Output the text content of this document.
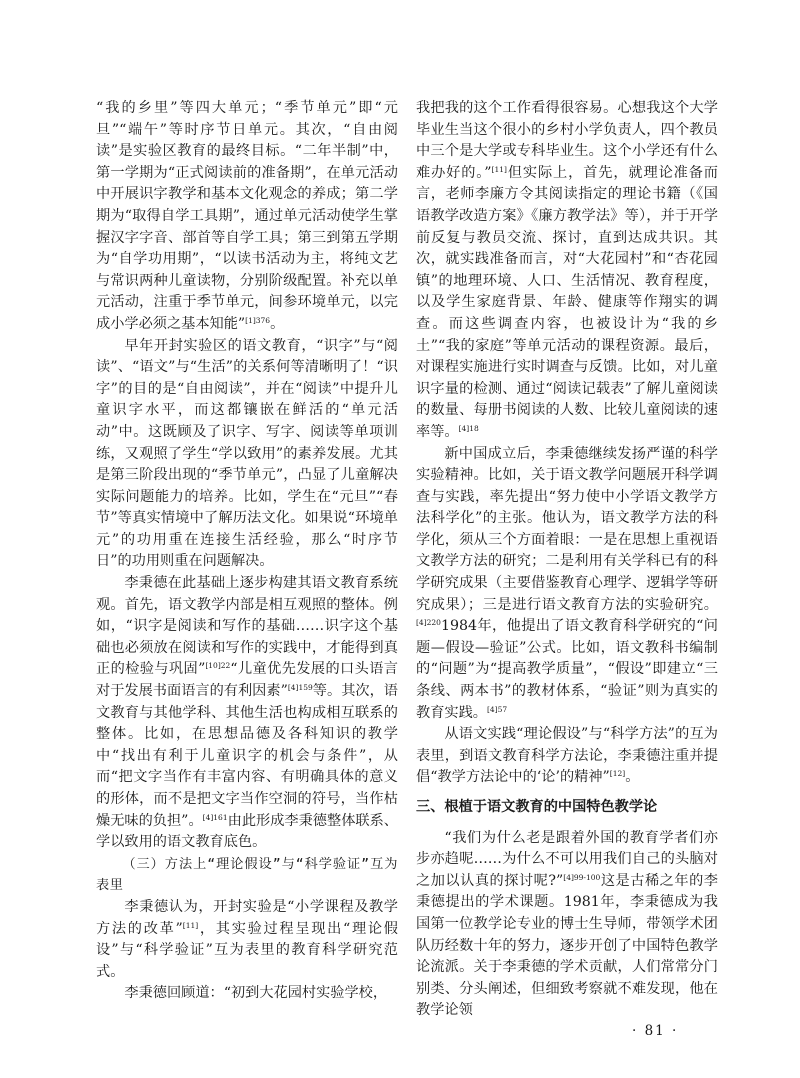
“我的乡里”等四大单元；“季节单元”即“元旦”“端午”等时序节日单元。其次，“自由阅读”是实验区教育的最终目标。“二年半制”中，第一学期为“正式阅读前的准备期”，在单元活动中开展识字教学和基本文化观念的养成；第二学期为“取得自学工具期”，通过单元活动使学生掌握汉字字音、部首等自学工具；第三到第五学期为“自学功用期”，“以读书活动为主，将纯文艺与常识两种儿童读物，分别阶级配置。补充以单元活动，注重于季节单元，间参环境单元，以完成小学必须之基本知能”$^{[1]376}$。

早年开封实验区的语文教育，“识字”与“阅读”、“语文”与“生活”的关系何等清晰明了！“识字”的目的是“自由阅读”，并在“阅读”中提升儿童识字水平，而这都镶嵌在鲜活的“单元活动”中。这既顾及了识字、写字、阅读等单项训练，又观照了学生“学以致用”的素养发展。尤其是第三阶段出现的“季节单元”，凸显了儿童解决实际问题能力的培养。比如，学生在“元旦”“春节”等真实情境中了解历法文化。如果说“环境单元”的功用重在连接生活经验，那么“时序节日”的功用则重在问题解决。

李秉德在此基础上逐步构建其语文教育系统观。首先，语文教学内部是相互观照的整体。例如，“识字是阅读和写作的基础……识字这个基础也必须放在阅读和写作的实践中，才能得到真正的检验与巩固”$^{[10]22}$“儿童优先发展的口头语言对于发展书面语言的有利因素”$^{[4]159}$等。其次，语文教育与其他学科、其他生活也构成相互联系的整体。比如，在思想品德及各科知识的教学中“找出有利于儿童识字的机会与条件”，从而“把文字当作有丰富内容、有明确具体的意义的形体，而不是把文字当作空洞的符号，当作枯燥无味的负担”。$^{[4]161}$由此形成李秉德整体联系、学以致用的语文教育底色。

（三）方法上“理论假设”与“科学验证”互为表里

李秉德认为，开封实验是“小学课程及教学方法的改革”[11]，其实验过程呈现出“理论假设”与“科学验证”互为表里的教育科学研究范式。

李秉德回顾道：“初到大花园村实验学校，

我把我的这个工作看得很容易。心想我这个大学毕业生当这个很小的乡村小学负责人，四个教员中三个是大学或专科毕业生。这个小学还有什么难办好的。”[11]但实际上，首先，就理论准备而言，老师李廉方令其阅读指定的理论书籍（《国语教学改造方案》《廉方教学法》等），并于开学前反复与教员交流、探讨，直到达成共识。其次，就实践准备而言，对“大花园村”和“杏花园镇”的地理环境、人口、生活情况、教育程度，以及学生家庭背景、年龄、健康等作翔实的调查。而这些调查内容，也被设计为“我的乡土”“我的家庭”等单元活动的课程资源。最后，对课程实施进行实时调查与反馈。比如，对儿童识字量的检测、通过“阅读记载表”了解儿童阅读的数量、每册书阅读的人数、比较儿童阅读的速率等。$^{[4]18}$

新中国成立后，李秉德继续发扬严谨的科学实验精神。比如，关于语文教学问题展开科学调查与实践，率先提出“努力使中小学语文教学方法科学化”的主张。他认为，语文教学方法的科学化，须从三个方面着眼：一是在思想上重视语文教学方法的研究；二是利用有关学科已有的科学研究成果（主要借鉴教育心理学、逻辑学等研究成果）；三是进行语文教育方法的实验研究。$^{[4]220}$1984年，他提出了语文教育科学研究的“问题—假设—验证”公式。比如，语文教科书编制的“问题”为“提高教学质量”，“假设”即建立“三条线、两本书”的教材体系，“验证”则为真实的教育实践。$^{[4]57}$

从语文实践“理论假设”与“科学方法”的互为表里，到语文教育科学方法论，李秉德注重并提倡“教学方法论中的‘论’的精神”[12]。

三、根植于语文教育的中国特色教学论

“我们为什么老是跟着外国的教育学者们亦步亦趋呢……为什么不可以用我们自己的头脑对之加以认真的探讨呢?”$^{[4]99-100}$这是古稀之年的李秉德提出的学术课题。1981年，李秉德成为我国第一位教学论专业的博士生导师，带领学术团队历经数十年的努力，逐步开创了中国特色教学论流派。关于李秉德的学术贡献，人们常常分门别类、分头阐述，但细致考察就不难发现，他在教学论领

· 81 ·
